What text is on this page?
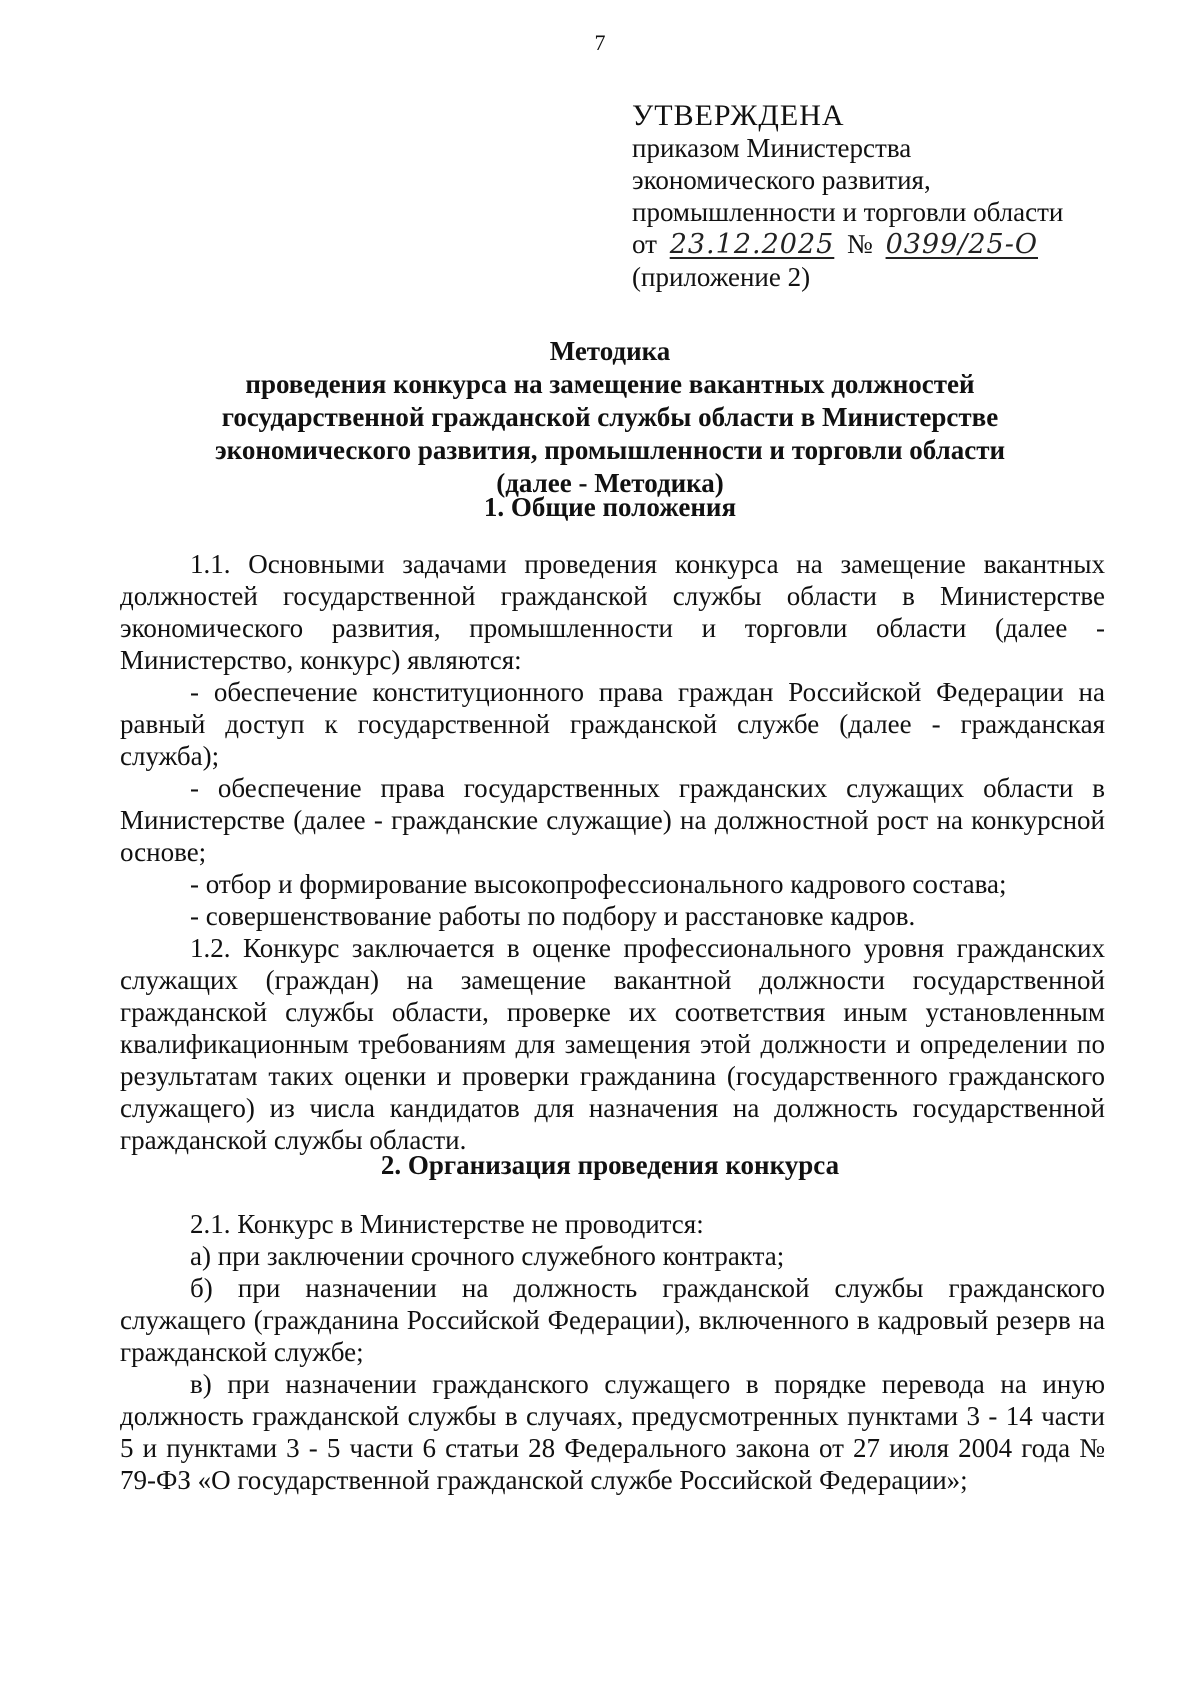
7
УТВЕРЖДЕНА
приказом Министерства
экономического развития,
промышленности и торговли области
от 23.12.2025 № 0399/25-О
(приложение 2)
Методика
проведения конкурса на замещение вакантных должностей
государственной гражданской службы области в Министерстве
экономического развития, промышленности и торговли области
(далее - Методика)
1. Общие положения

1.1. Основными задачами проведения конкурса на замещение вакантных должностей государственной гражданской службы области в Министерстве экономического развития, промышленности и торговли области (далее - Министерство, конкурс) являются:

- обеспечение конституционного права граждан Российской Федерации на равный доступ к государственной гражданской службе (далее - гражданская служба);

- обеспечение права государственных гражданских служащих области в Министерстве (далее - гражданские служащие) на должностной рост на конкурсной основе;

- отбор и формирование высокопрофессионального кадрового состава;

- совершенствование работы по подбору и расстановке кадров.

1.2. Конкурс заключается в оценке профессионального уровня гражданских служащих (граждан) на замещение вакантной должности государственной гражданской службы области, проверке их соответствия иным установленным квалификационным требованиям для замещения этой должности и определении по результатам таких оценки и проверки гражданина (государственного гражданского служащего) из числа кандидатов для назначения на должность государственной гражданской службы области.

2. Организация проведения конкурса

2.1. Конкурс в Министерстве не проводится:

а) при заключении срочного служебного контракта;

б) при назначении на должность гражданской службы гражданского служащего (гражданина Российской Федерации), включенного в кадровый резерв на гражданской службе;

в) при назначении гражданского служащего в порядке перевода на иную должность гражданской службы в случаях, предусмотренных пунктами 3 - 14 части 5 и пунктами 3 - 5 части 6 статьи 28 Федерального закона от 27 июля 2004 года № 79-ФЗ «О государственной гражданской службе Российской Федерации»;
